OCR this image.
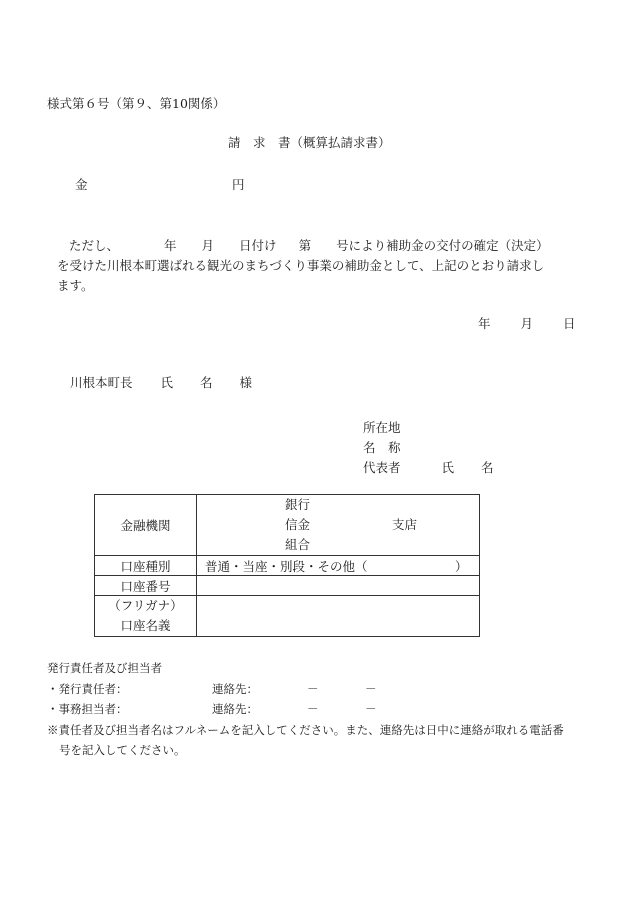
様式第６号（第９、第10関係）
請　求　書（概算払請求書）
金	円
ただし、	年 月 日付け 第 号により補助金の交付の確定（決定）
を受けた川根本町選ばれる観光のまちづくり事業の補助金として、上記のとおり請求し
ます。
年 月 日
川根本町長 氏 名 様
所在地
名　称
代表者	氏 名
金融機関	銀行
信金
組合
支店

口座種別	普通・当座・別段・その他（　　　　　　　）
口座番号	

（フリガナ）
口座名義	

発行責任者及び担当者
・発行責任者：	連絡先：	－	－
・事務担当者：	連絡先：	－	－
※責任者及び担当者名はフルネームを記入してください。また、連絡先は日中に連絡が取れる電話番
号を記入してください。
